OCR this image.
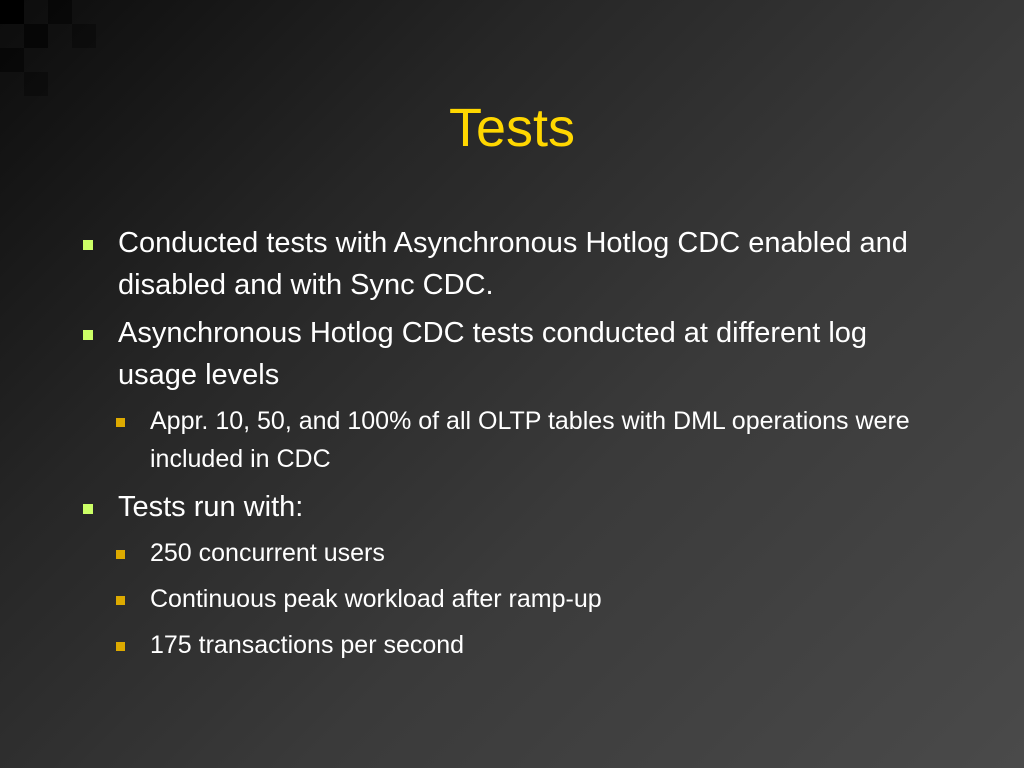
Tests
Conducted tests with Asynchronous Hotlog CDC enabled and disabled and with Sync CDC.
Asynchronous Hotlog CDC tests conducted at different log usage levels
Appr. 10, 50, and 100% of all OLTP tables with DML operations were included in CDC
Tests run with:
250 concurrent users
Continuous peak workload after ramp-up
175 transactions per second
